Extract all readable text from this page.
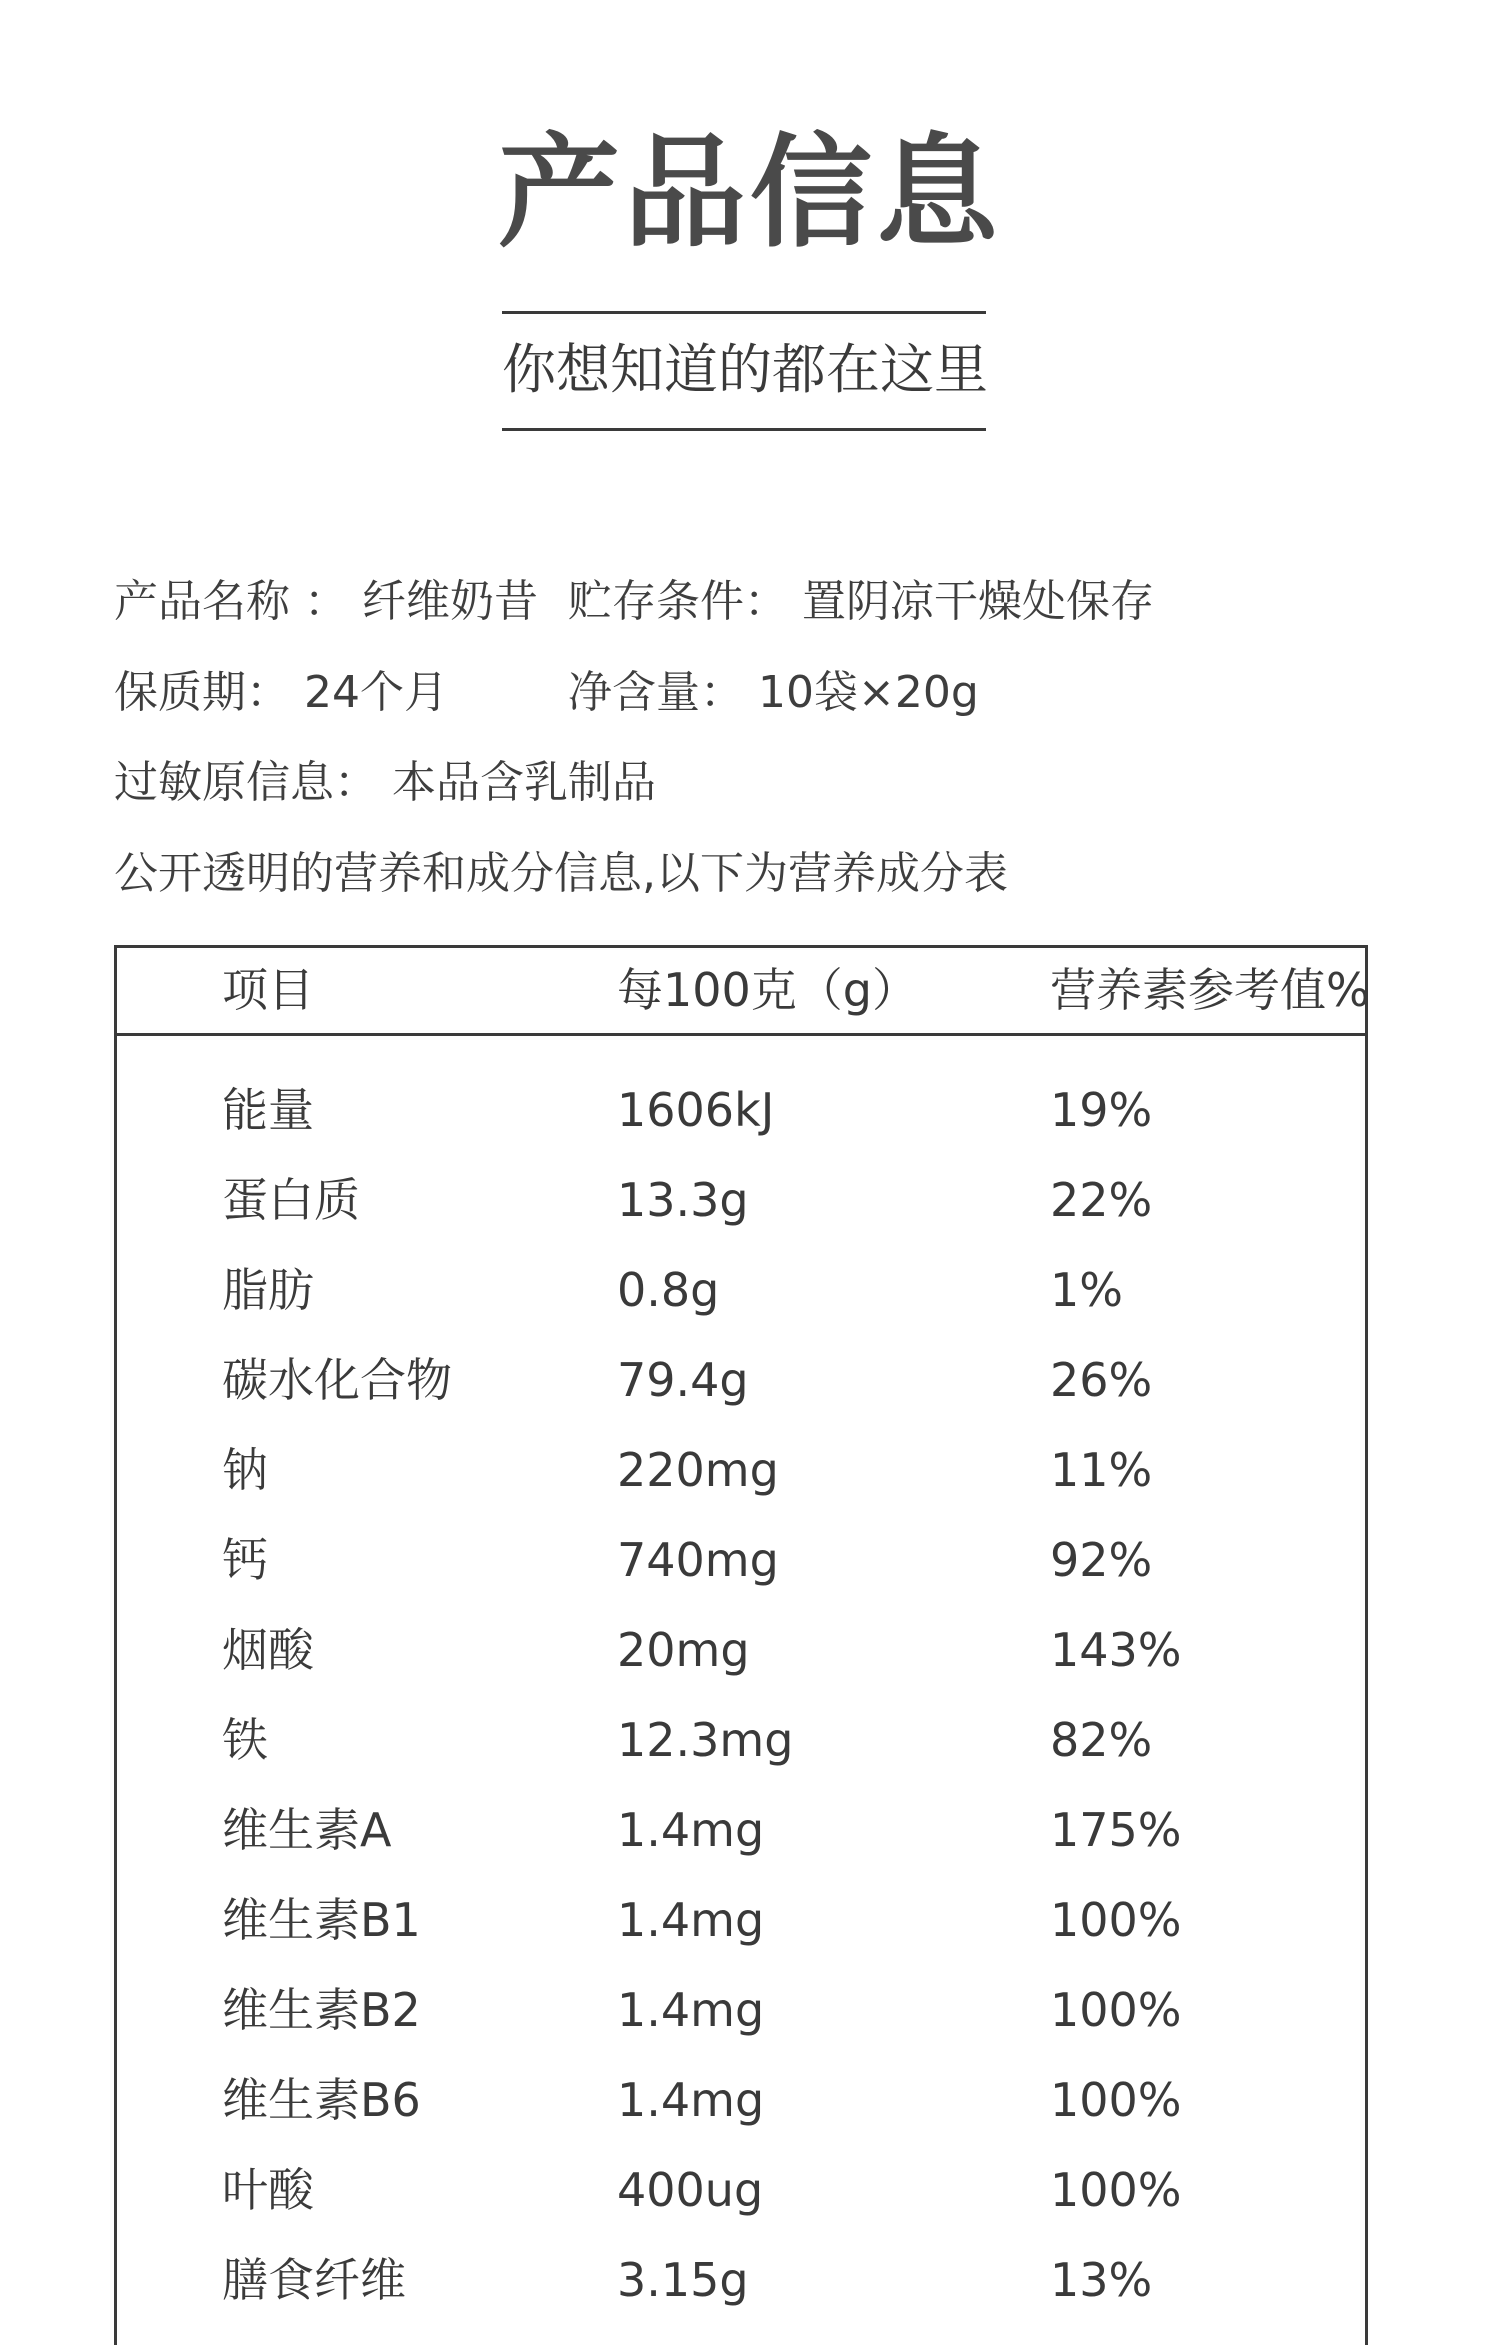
产品信息
你想知道的都在这里
产品名称 ： 纤维奶昔 贮存条件： 置阴凉干燥处保存
保质期： 24个月	净含量： 10袋×20g
过敏原信息： 本品含乳制品
公开透明的营养和成分信息,以下为营养成分表
项目	每100克（g）	营养素参考值%
能量	1606kJ	19%
蛋白质	13.3g	22%
脂肪	0.8g	1%
碳水化合物	79.4g	26%
钠	220mg	11%
钙	740mg	92%
烟酸	20mg	143%
铁	12.3mg	82%
维生素A	1.4mg	175%
维生素B1	1.4mg	100%
维生素B2	1.4mg	100%
维生素B6	1.4mg	100%
叶酸	400ug	100%
膳食纤维	3.15g	13%
